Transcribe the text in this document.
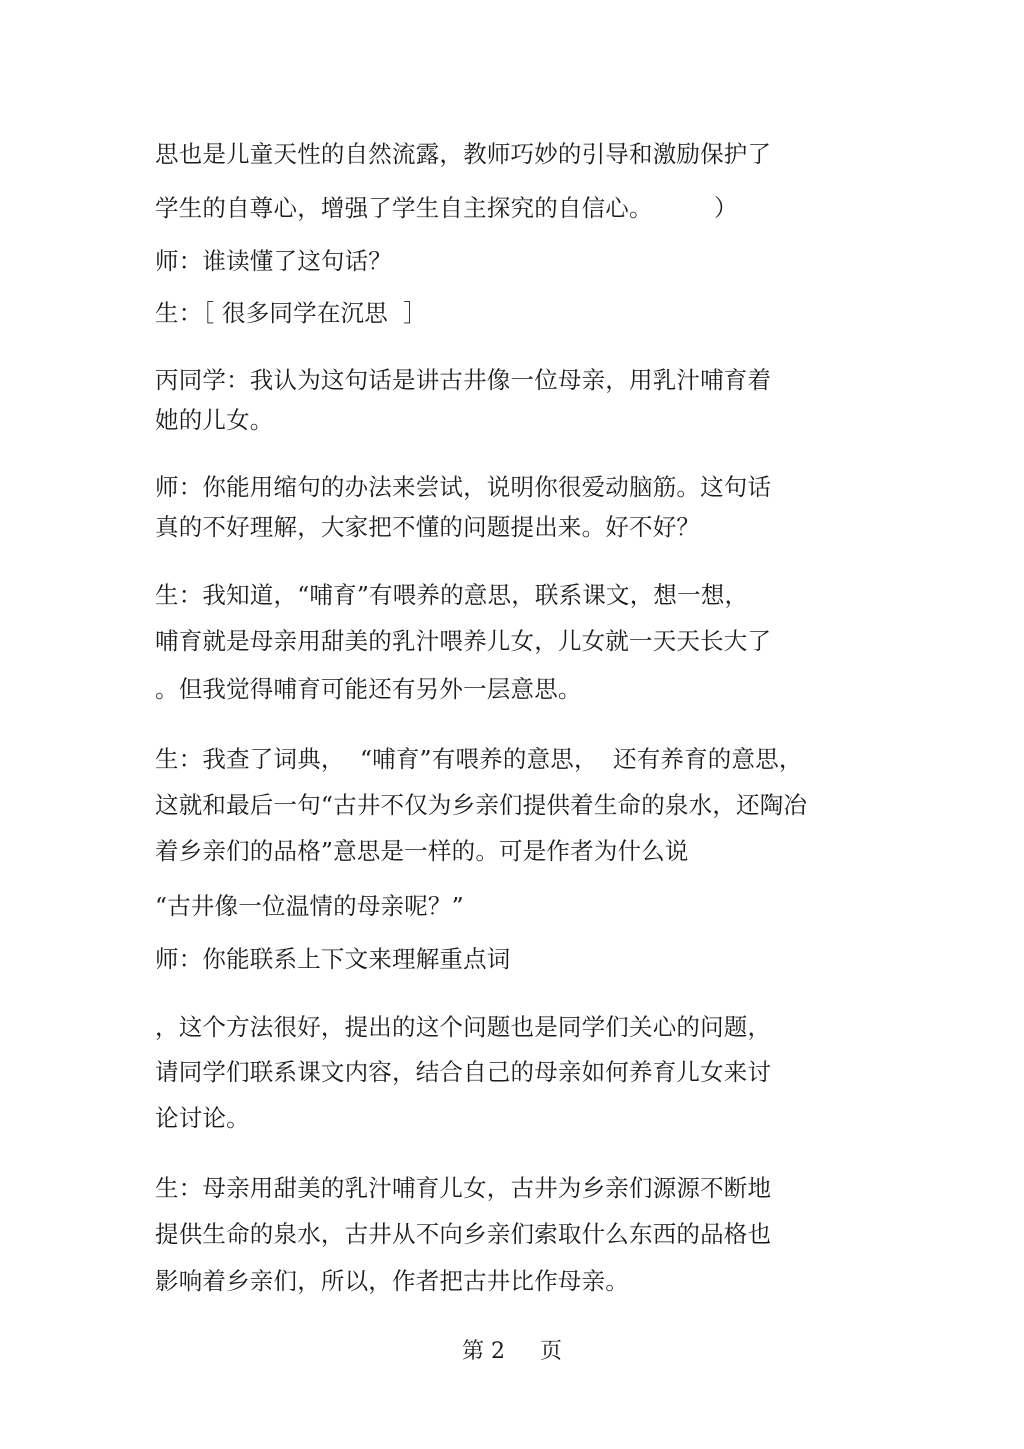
思也是儿童天性的自然流露，教师巧妙的引导和激励保护了
学生的自尊心，增强了学生自主探究的自信心。        ）
师：谁读懂了这句话？
生：［ 很多同学在沉思  ］
丙同学：我认为这句话是讲古井像一位母亲，用乳汁哺育着
她的儿女。
师：你能用缩句的办法来尝试，说明你很爱动脑筋。这句话
真的不好理解，大家把不懂的问题提出来。好不好？
生：我知道，“哺育”有喂养的意思，联系课文，想一想，
哺育就是母亲用甜美的乳汁喂养儿女，儿女就一天天长大了
。但我觉得哺育可能还有另外一层意思。
生：我查了词典，  “哺育”有喂养的意思，  还有养育的意思，
这就和最后一句“古井不仅为乡亲们提供着生命的泉水，还陶冶
着乡亲们的品格”意思是一样的。可是作者为什么说
“古井像一位温情的母亲呢？”
师：你能联系上下文来理解重点词
，这个方法很好，提出的这个问题也是同学们关心的问题，
请同学们联系课文内容，结合自己的母亲如何养育儿女来讨
论讨论。
生：母亲用甜美的乳汁哺育儿女，古井为乡亲们源源不断地
提供生命的泉水，古井从不向乡亲们索取什么东西的品格也
影响着乡亲们，所以，作者把古井比作母亲。
第 2     页
